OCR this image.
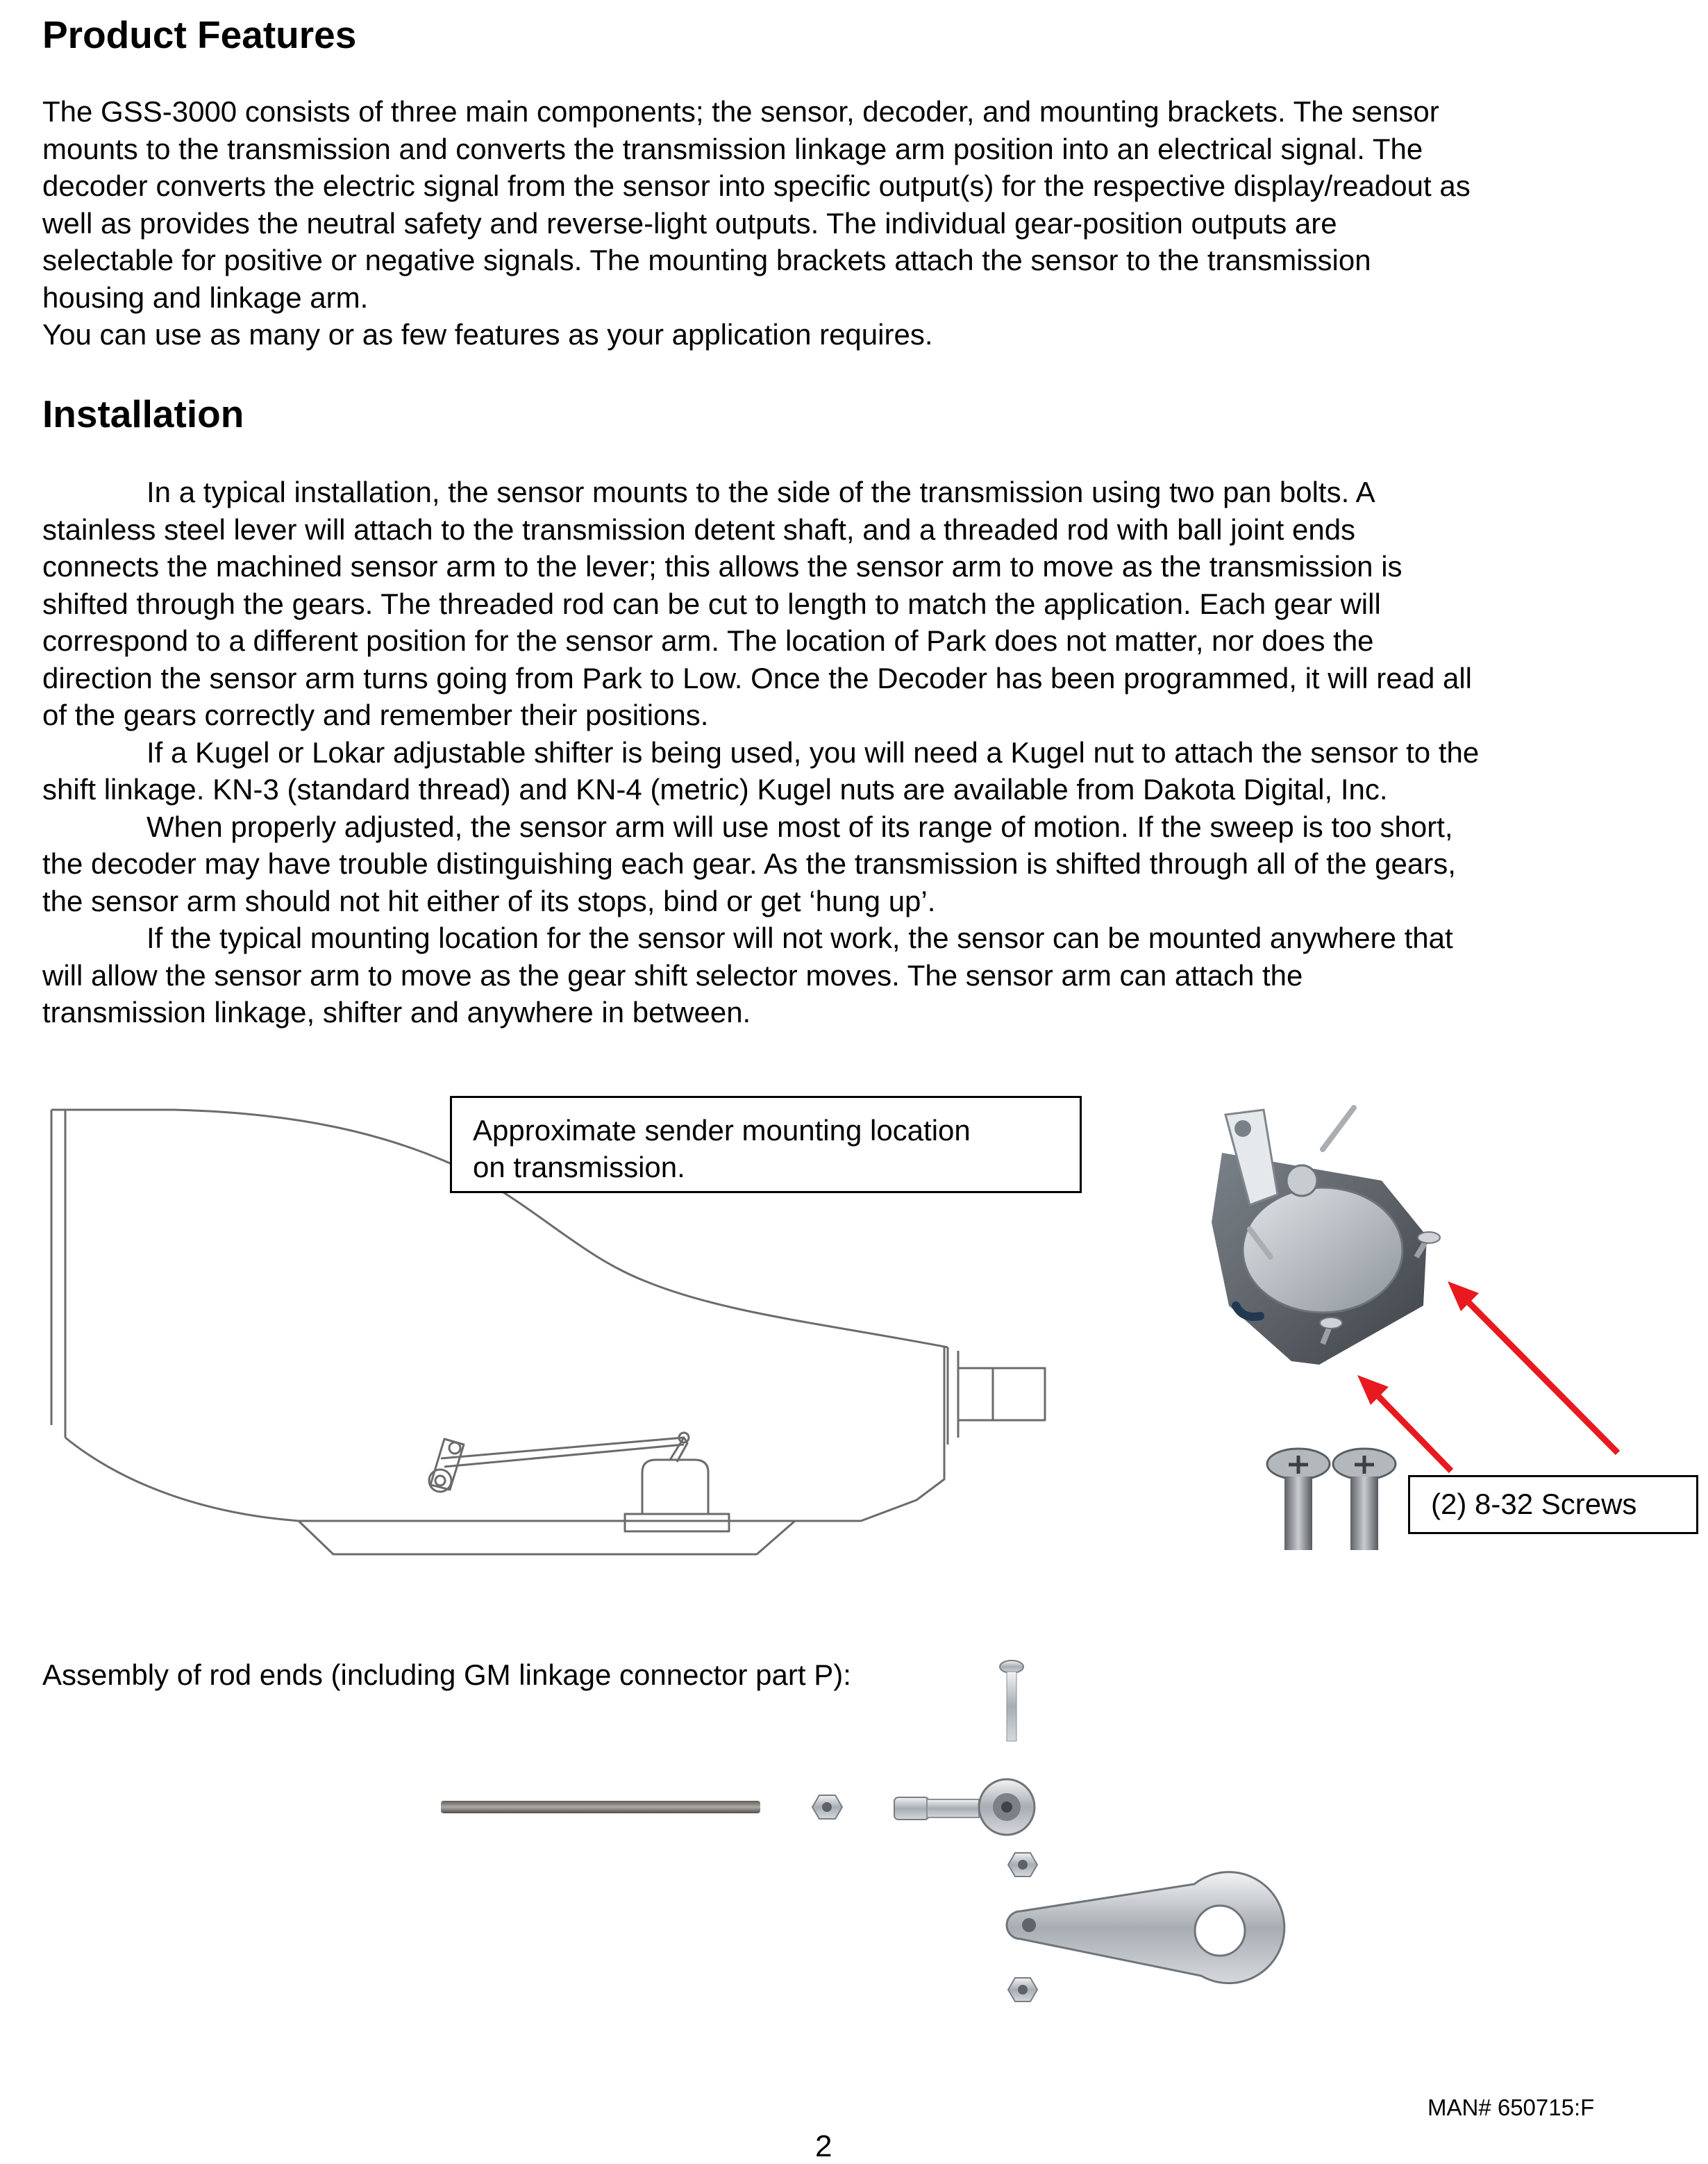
Product Features
The GSS-3000 consists of three main components; the sensor, decoder, and mounting brackets. The sensor
mounts to the transmission and converts the transmission linkage arm position into an electrical signal. The
decoder converts the electric signal from the sensor into specific output(s) for the respective display/readout as
well as provides the neutral safety and reverse-light outputs. The individual gear-position outputs are
selectable for positive or negative signals. The mounting brackets attach the sensor to the transmission
housing and linkage arm.
You can use as many or as few features as your application requires.
Installation
In a typical installation, the sensor mounts to the side of the transmission using two pan bolts. A
stainless steel lever will attach to the transmission detent shaft, and a threaded rod with ball joint ends
connects the machined sensor arm to the lever; this allows the sensor arm to move as the transmission is
shifted through the gears. The threaded rod can be cut to length to match the application. Each gear will
correspond to a different position for the sensor arm. The location of Park does not matter, nor does the
direction the sensor arm turns going from Park to Low. Once the Decoder has been programmed, it will read all
of the gears correctly and remember their positions.
If a Kugel or Lokar adjustable shifter is being used, you will need a Kugel nut to attach the sensor to the
shift linkage. KN-3 (standard thread) and KN-4 (metric) Kugel nuts are available from Dakota Digital, Inc.
When properly adjusted, the sensor arm will use most of its range of motion. If the sweep is too short,
the decoder may have trouble distinguishing each gear. As the transmission is shifted through all of the gears,
the sensor arm should not hit either of its stops, bind or get ‘hung up’.
If the typical mounting location for the sensor will not work, the sensor can be mounted anywhere that
will allow the sensor arm to move as the gear shift selector moves. The sensor arm can attach the
transmission linkage, shifter and anywhere in between.
Approximate sender mounting location
on transmission.
(2) 8-32 Screws
Assembly of rod ends (including GM linkage connector part P):
MAN# 650715:F
2
